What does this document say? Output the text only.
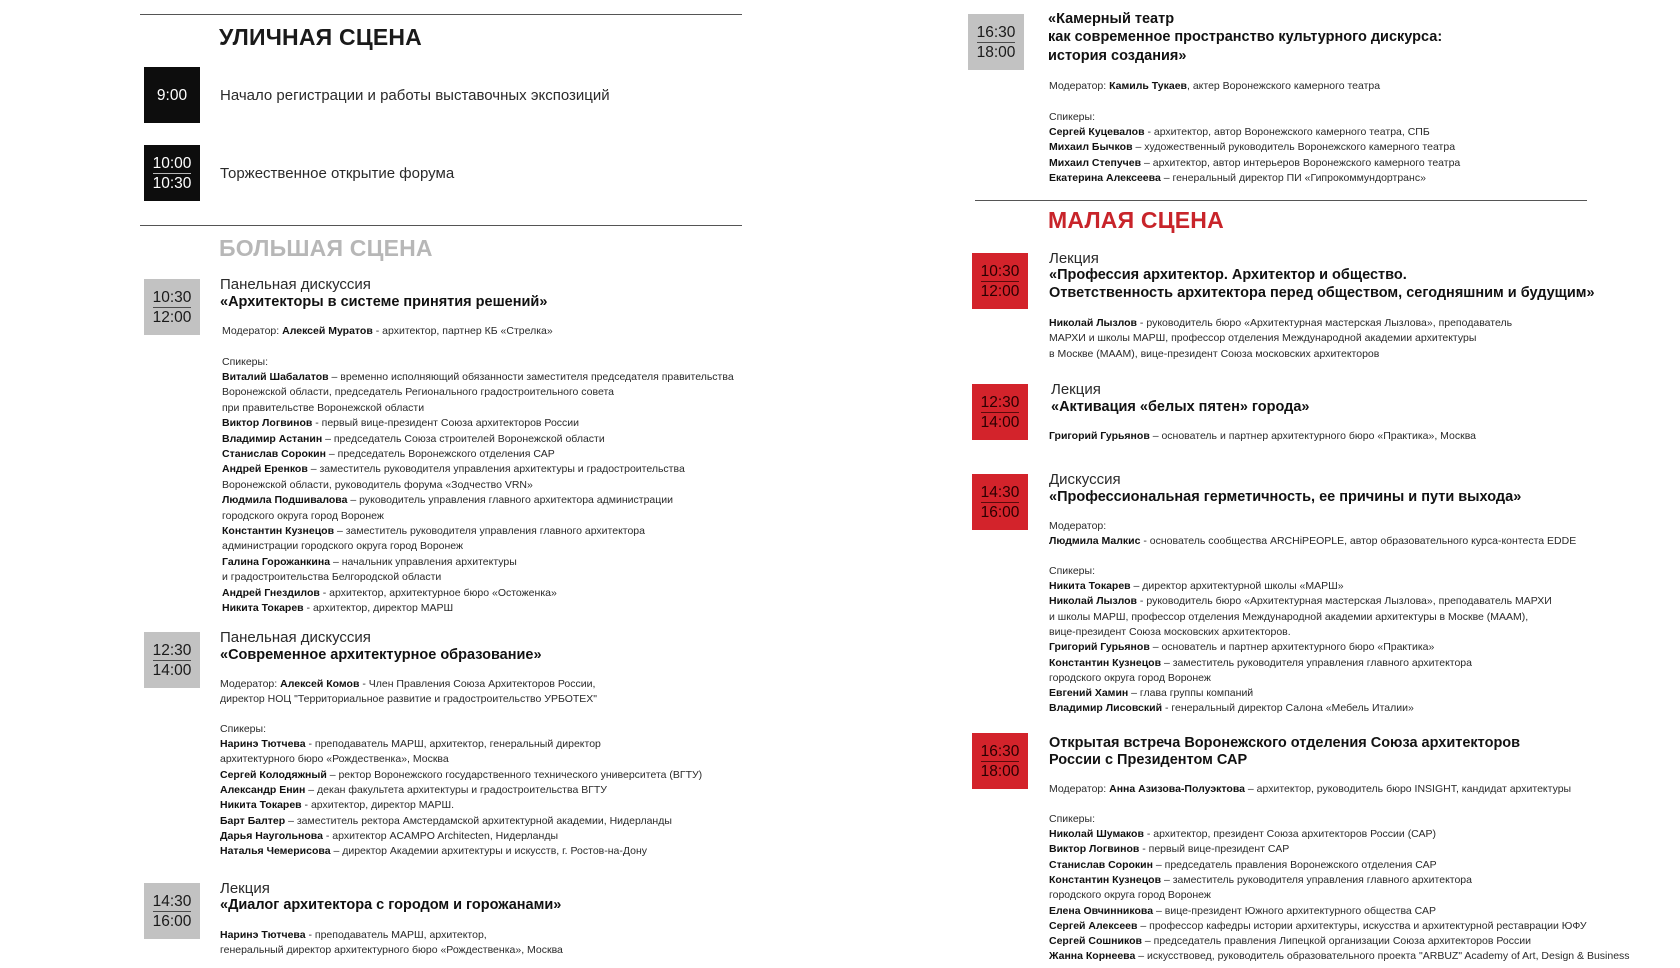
УЛИЧНАЯ СЦЕНА
9:00 Начало регистрации и работы выставочных экспозиций
10:00
10:30
Торжественное открытие форума
БОЛЬШАЯ СЦЕНА
10:30
12:00
Панельная дискуссия
«Архитекторы в системе принятия решений»
Модератор: Алексей Муратов - архитектор, партнер КБ «Стрелка»
Спикеры:
12:30
14:00
Панельная дискуссия
«Современное архитектурное образование»
Модератор: Алексей Комов - Член Правления Союза Архитекторов России,
директор НОЦ "Территориальное развитие и градостроительство УРБОТЕХ"
Спикеры:
14:30
16:00
Лекция
«Диалог архитектора с городом и горожанами»
Виталий Шабалатов – временно исполняющий обязанности заместителя председателя правительства
Воронежской области, председатель Регионального градостроительного совета
при правительстве Воронежской области
Виктор Логвинов - первый вице-президент Союза архитекторов России
Владимир Астанин – председатель Союза строителей Воронежской области
Станислав Сорокин – председатель Воронежского отделения САР
Андрей Еренков – заместитель руководителя управления архитектуры и градостроительства
Воронежской области, руководитель форума «Зодчество VRN»
Людмила Подшивалова – руководитель управления главного архитектора администрации
городского округа город Воронеж
Константин Кузнецов – заместитель руководителя управления главного архитектора
администрации городского округа город Воронеж
Галина Горожанкина – начальник управления архитектуры
и градостроительства Белгородской области
Андрей Гнездилов - архитектор, архитектурное бюро «Остоженка»
Никита Токарев - архитектор, директор МАРШ
Наринэ Тютчева - преподаватель МАРШ, архитектор, генеральный директор
архитектурного бюро «Рождественка», Москва
Сергей Колодяжный – ректор Воронежского государственного технического университета (ВГТУ)
Александр Енин – декан факультета архитектуры и градостроительства ВГТУ
Никита Токарев - архитектор, директор МАРШ.
Барт Балтер – заместитель ректора Амстердамской архитектурной академии, Нидерланды
Дарья Наугольнова - архитектор ACAMPO Architecten, Нидерланды
Наталья Чемерисова – директор Академии архитектуры и искусств, г. Ростов-на-Дону
Наринэ Тютчева - преподаватель МАРШ, архитектор,
генеральный директор архитектурного бюро «Рождественка», Москва
16:30
18:00
«Камерный театр
как современное пространство культурного дискурса:
история создания»
Модератор: Камиль Тукаев, актер Воронежского камерного театра
Спикеры:
МАЛАЯ СЦЕНА
10:30
12:00
Лекция
«Профессия архитектор. Архитектор и общество.
Ответственность архитектора перед обществом, сегодняшним и будущим»
12:30
14:00
Лекция
«Активация «белых пятен» города»
14:30
16:00
Дискуссия
«Профессиональная герметичность, ее причины и пути выхода»
Модератор:
Людмила Малкис - основатель сообщества ARCHiPEOPLE, автор образовательного курса-контеста EDDE
Спикеры:
16:30
18:00
Открытая встреча Воронежского отделения Союза архитекторов
России с Президентом САР
Модератор: Анна Азизова-Полуэктова – архитектор, руководитель бюро INSIGHT, кандидат архитектуры
Спикеры:
Сергей Куцевалов - архитектор, автор Воронежского камерного театра, СПБ
Михаил Бычков – художественный руководитель Воронежского камерного театра
Михаил Степучев – архитектор, автор интерьеров Воронежского камерного театра
Екатерина Алексеева – генеральный директор ПИ «Гипрокоммундортранс»
Николай Лызлов - руководитель бюро «Архитектурная мастерская Лызлова», преподаватель
МАРХИ и школы МАРШ, профессор отделения Международной академии архитектуры
в Москве (МААМ), вице-президент Союза московских архитекторов
Григорий Гурьянов – основатель и партнер архитектурного бюро «Практика», Москва
Никита Токарев – директор архитектурной школы «МАРШ»
Николай Лызлов - руководитель бюро «Архитектурная мастерская Лызлова», преподаватель МАРХИ
и школы МАРШ, профессор отделения Международной академии архитектуры в Москве (МААМ),
вице-президент Союза московских архитекторов.
Григорий Гурьянов – основатель и партнер архитектурного бюро «Практика»
Константин Кузнецов – заместитель руководителя управления главного архитектора
городского округа город Воронеж
Евгений Хамин – глава группы компаний
Владимир Лисовский - генеральный директор Салона «Мебель Италии»
Николай Шумаков - архитектор, президент Союза архитекторов России (САР)
Виктор Логвинов - первый вице-президент САР
Станислав Сорокин – председатель правления Воронежского отделения САР
Константин Кузнецов – заместитель руководителя управления главного архитектора
городского округа город Воронеж
Елена Овчинникова – вице-президент Южного архитектурного общества САР
Сергей Алексеев – профессор кафедры истории архитектуры, искусства и архитектурной реставрации ЮФУ
Сергей Сошников – председатель правления Липецкой организации Союза архитекторов России
Жанна Корнеева – искусствовед, руководитель образовательного проекта "ARBUZ" Academy of Art, Design & Business
